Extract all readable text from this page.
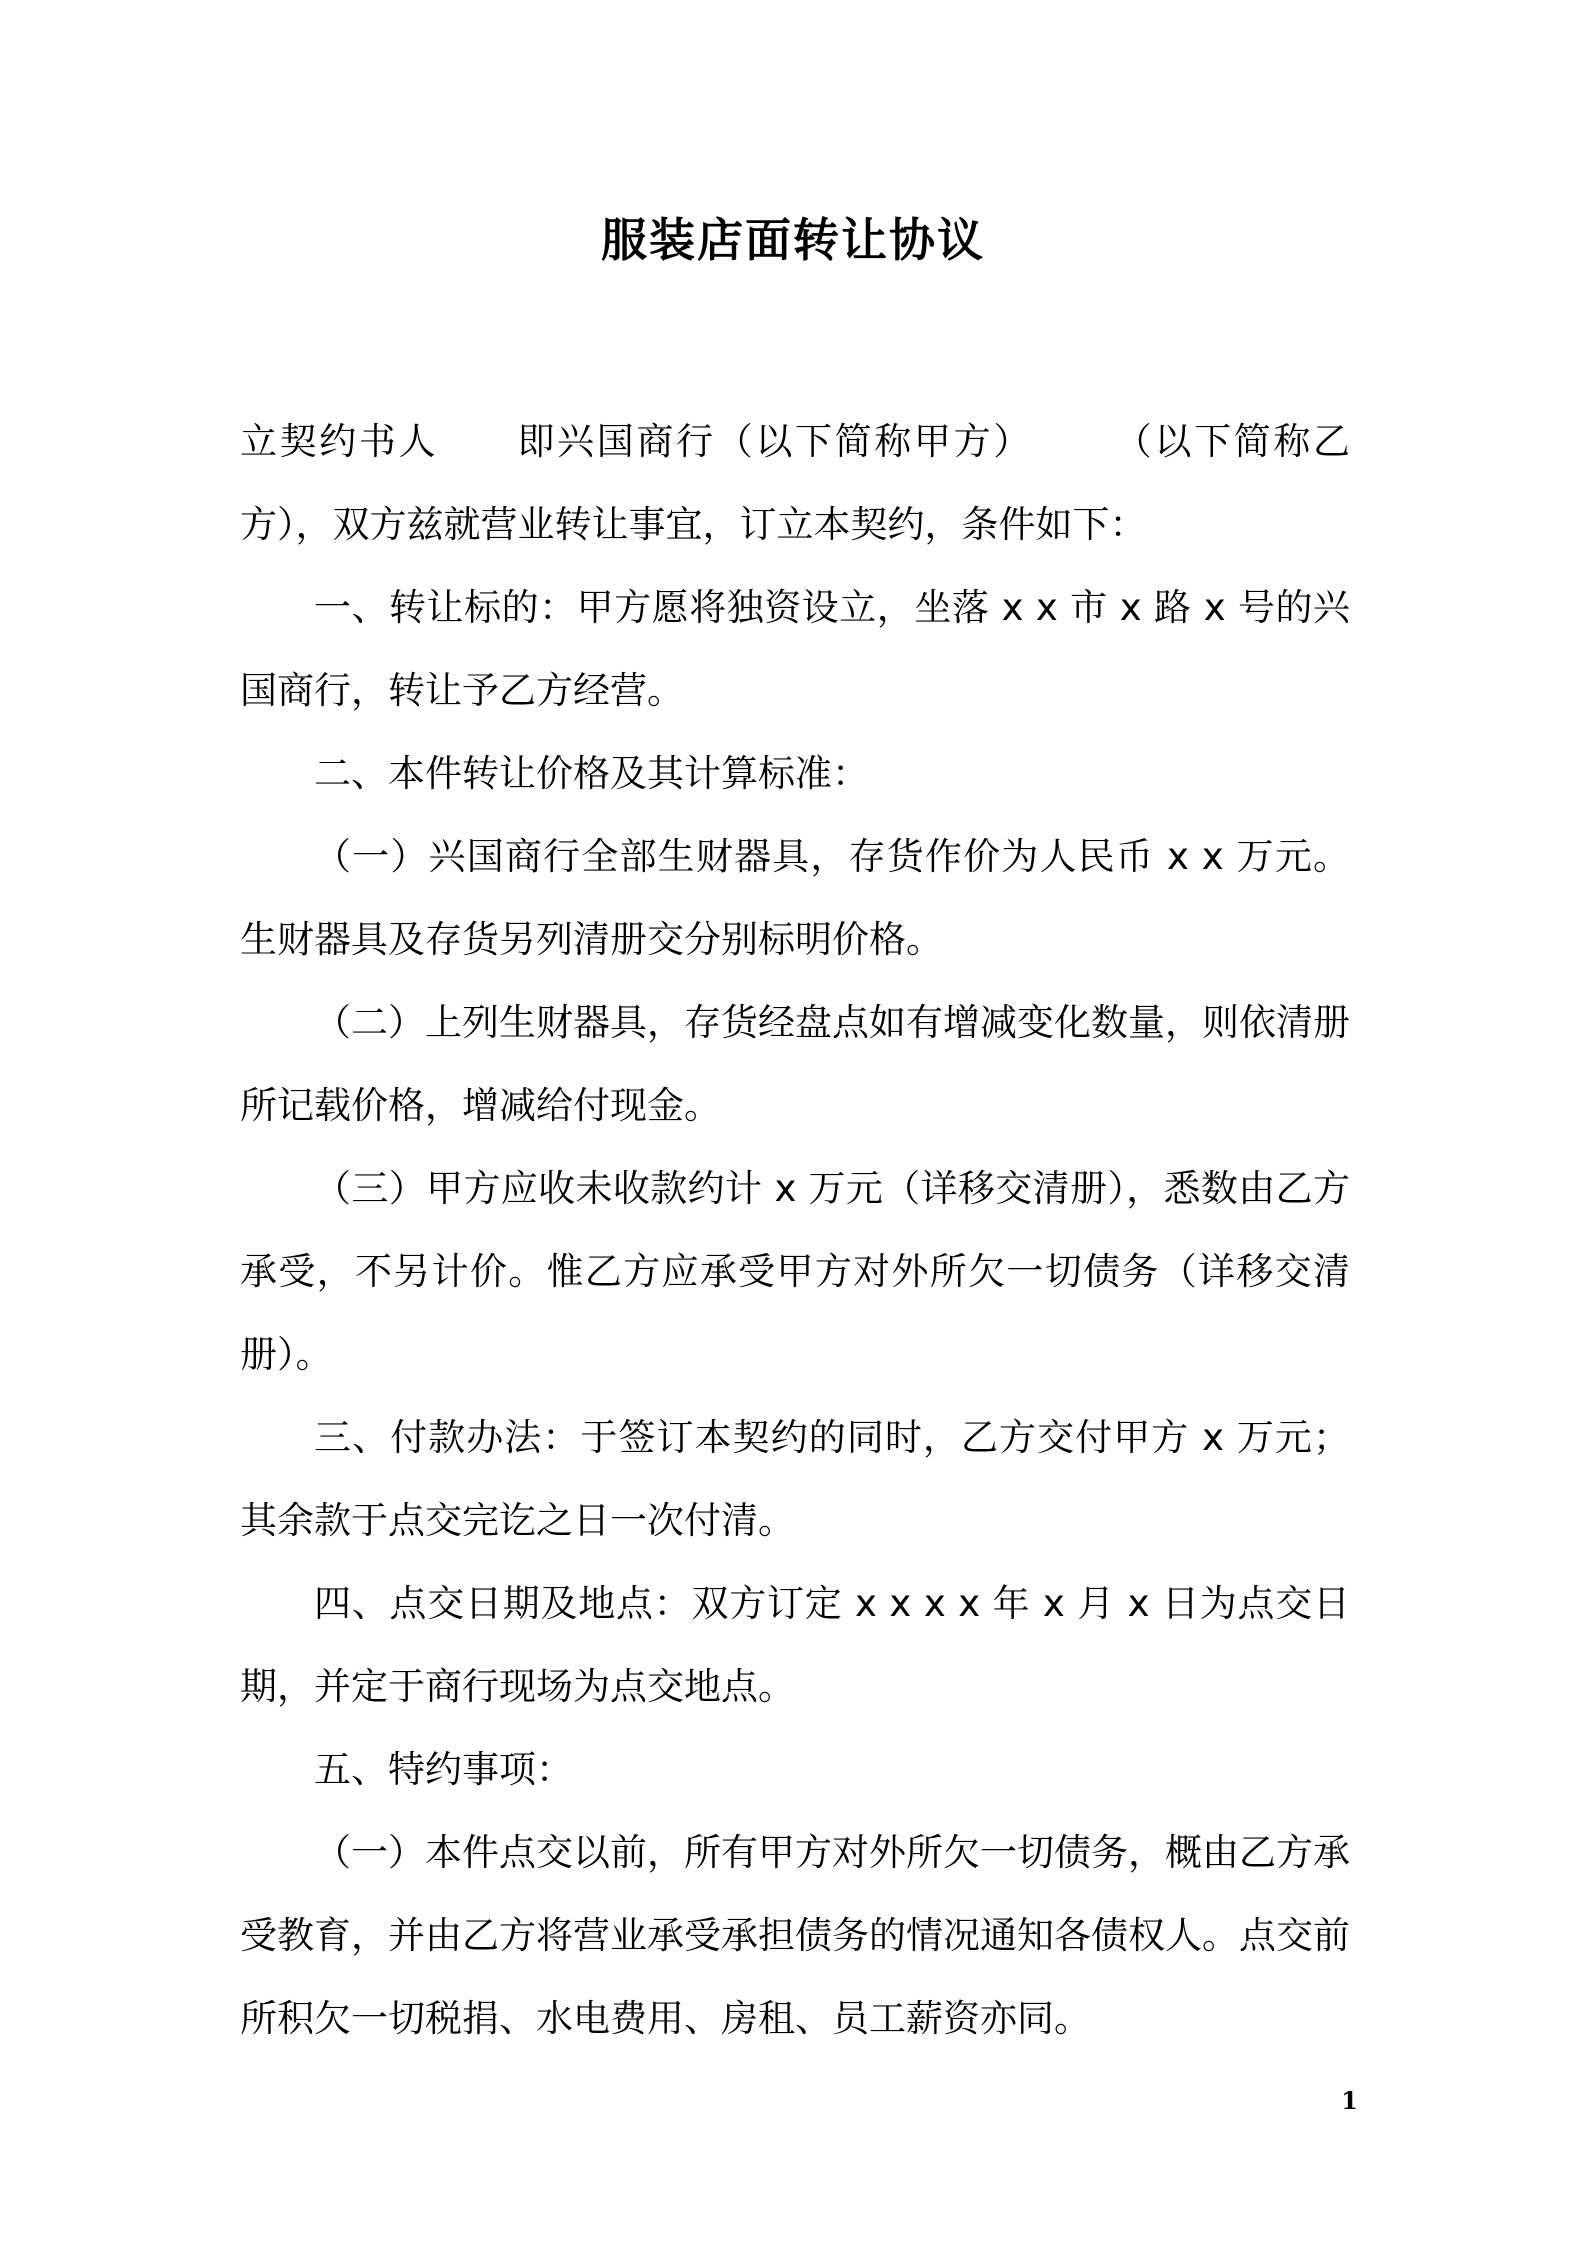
服装店面转让协议

立契约书人　　即兴国商行（以下简称甲方）　　　（以下简称乙方），双方兹就营业转让事宜，订立本契约，条件如下：

一、转让标的：甲方愿将独资设立，坐落 x x 市 x 路 x 号的兴国商行，转让予乙方经营。

二、本件转让价格及其计算标准：

（一）兴国商行全部生财器具，存货作价为人民币 x x 万元。生财器具及存货另列清册交分别标明价格。

（二）上列生财器具，存货经盘点如有增减变化数量，则依清册所记载价格，增减给付现金。

（三）甲方应收未收款约计 x 万元（详移交清册），悉数由乙方承受，不另计价。惟乙方应承受甲方对外所欠一切债务（详移交清册）。

三、付款办法：于签订本契约的同时，乙方交付甲方 x 万元；其余款于点交完讫之日一次付清。

四、点交日期及地点：双方订定 x x x x 年 x 月 x 日为点交日期，并定于商行现场为点交地点。

五、特约事项：

（一）本件点交以前，所有甲方对外所欠一切债务，概由乙方承受教育，并由乙方将营业承受承担债务的情况通知各债权人。点交前所积欠一切税捐、水电费用、房租、员工薪资亦同。

1
